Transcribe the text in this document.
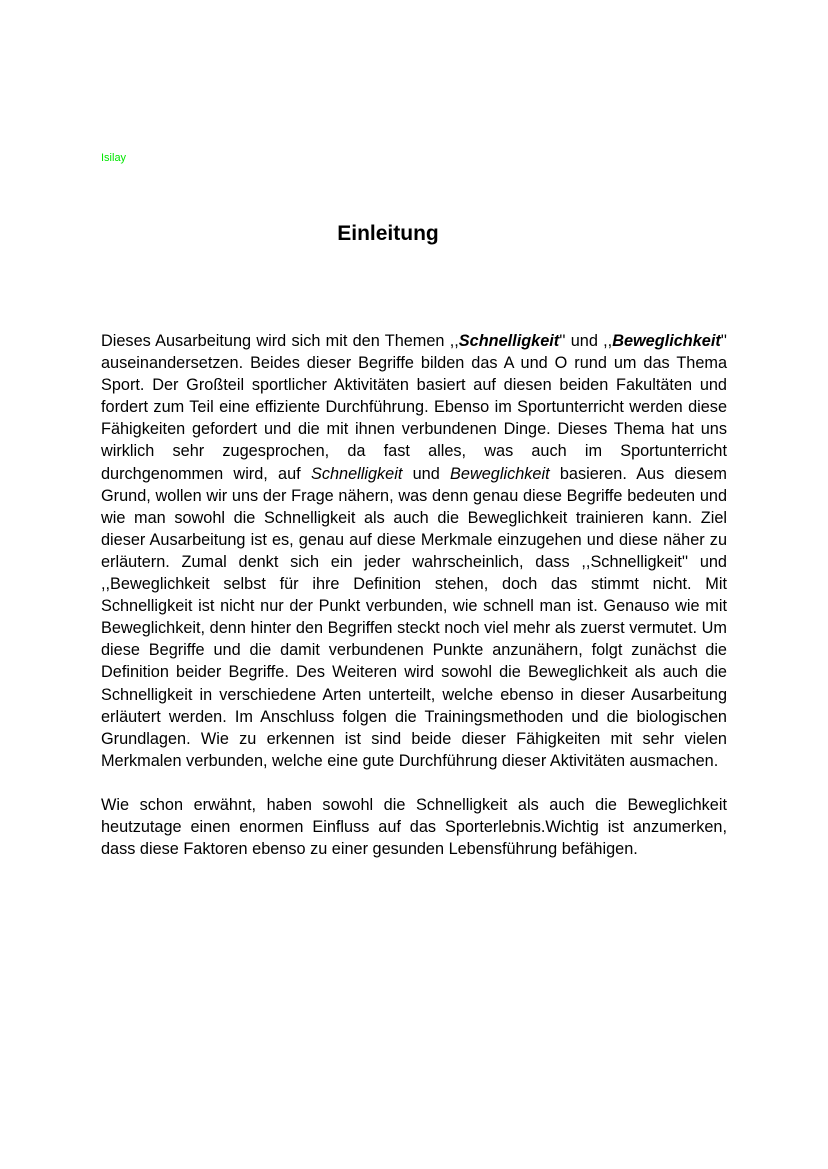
Isilay

Einleitung

Dieses Ausarbeitung wird sich mit den Themen ,,Schnelligkeit'' und ,,Beweglichkeit'' auseinandersetzen. Beides dieser Begriffe bilden das A und O rund um das Thema Sport. Der Großteil sportlicher Aktivitäten basiert auf diesen beiden Fakultäten und fordert zum Teil eine effiziente Durchführung. Ebenso im Sportunterricht werden diese Fähigkeiten gefordert und die mit ihnen verbundenen Dinge. Dieses Thema hat uns wirklich sehr zugesprochen, da fast alles, was auch im Sportunterricht durchgenommen wird, auf Schnelligkeit und Beweglichkeit basieren. Aus diesem Grund, wollen wir uns der Frage nähern, was denn genau diese Begriffe bedeuten und wie man sowohl die Schnelligkeit als auch die Beweglichkeit trainieren kann. Ziel dieser Ausarbeitung ist es, genau auf diese Merkmale einzugehen und diese näher zu erläutern. Zumal denkt sich ein jeder wahrscheinlich, dass ,,Schnelligkeit'' und ,,Beweglichkeit selbst für ihre Definition stehen, doch das stimmt nicht. Mit Schnelligkeit ist nicht nur der Punkt verbunden, wie schnell man ist. Genauso wie mit Beweglichkeit, denn hinter den Begriffen steckt noch viel mehr als zuerst vermutet. Um diese Begriffe und die damit verbundenen Punkte anzunähern, folgt zunächst die Definition beider Begriffe. Des Weiteren wird sowohl die Beweglichkeit als auch die Schnelligkeit in verschiedene Arten unterteilt, welche ebenso in dieser Ausarbeitung erläutert werden. Im Anschluss folgen die Trainingsmethoden und die biologischen Grundlagen. Wie zu erkennen ist sind beide dieser Fähigkeiten mit sehr vielen Merkmalen verbunden, welche eine gute Durchführung dieser Aktivitäten ausmachen.

Wie schon erwähnt, haben sowohl die Schnelligkeit als auch die Beweglichkeit heutzutage einen enormen Einfluss auf das Sporterlebnis.Wichtig ist anzumerken, dass diese Faktoren ebenso zu einer gesunden Lebensführung befähigen.
